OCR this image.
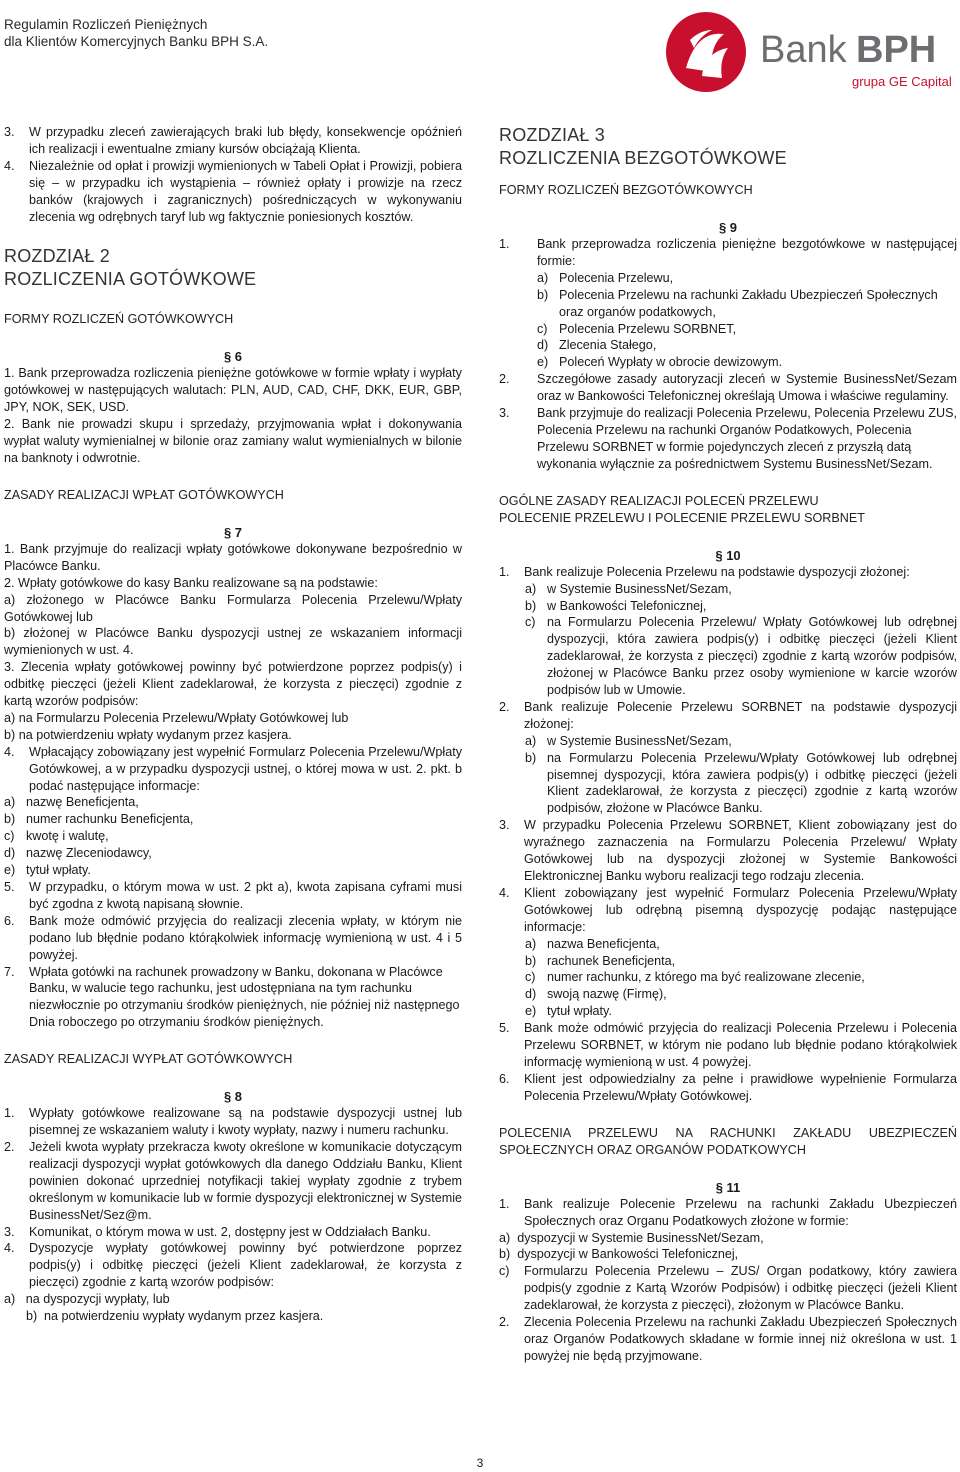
Regulamin Rozliczeń Pieniężnych
dla Klientów Komercyjnych Banku BPH S.A.	Bank BPH
grupa GE Capital
3. W przypadku zleceń zawierających braki lub błędy, konsekwencje opóźnień ich realizacji i ewentualne zmiany kursów obciążają Klienta.
4. Niezależnie od opłat i prowizji wymienionych w Tabeli Opłat i Prowizji, pobiera się – w przypadku ich wystąpienia – również opłaty i prowizje na rzecz banków (krajowych i zagranicznych) pośredniczących w wykonywaniu zlecenia wg odrębnych taryf lub wg faktycznie poniesionych kosztów.
ROZDZIAŁ 2
ROZLICZENIA GOTÓWKOWE
FORMY ROZLICZEŃ GOTÓWKOWYCH
§ 6
1. Bank przeprowadza rozliczenia pieniężne gotówkowe w formie wpłaty i wypłaty gotówkowej w następujących walutach: PLN, AUD, CAD, CHF, DKK, EUR, GBP, JPY, NOK, SEK, USD.
2. Bank nie prowadzi skupu i sprzedaży, przyjmowania wpłat i dokonywania wypłat waluty wymienialnej w bilonie oraz zamiany walut wymienialnych w bilonie na banknoty i odwrotnie.
ZASADY REALIZACJI WPŁAT GOTÓWKOWYCH
§ 7
1. Bank przyjmuje do realizacji wpłaty gotówkowe dokonywane bezpośrednio w Placówce Banku.
2. Wpłaty gotówkowe do kasy Banku realizowane są na podstawie:
a) złożonego w Placówce Banku Formularza Polecenia Przelewu/Wpłaty Gotówkowej lub
b) złożonej w Placówce Banku dyspozycji ustnej ze wskazaniem informacji wymienionych w ust. 4.
3. Zlecenia wpłaty gotówkowej powinny być potwierdzone poprzez podpis(y) i odbitkę pieczęci (jeżeli Klient zadeklarował, że korzysta z pieczęci) zgodnie z kartą wzorów podpisów:
a) na Formularzu Polecenia Przelewu/Wpłaty Gotówkowej lub
b) na potwierdzeniu wpłaty wydanym przez kasjera.
4. Wpłacający zobowiązany jest wypełnić Formularz Polecenia Przelewu/Wpłaty Gotówkowej, a w przypadku dyspozycji ustnej, o której mowa w ust. 2. pkt. b podać następujące informacje:
a) nazwę Beneficjenta,
b) numer rachunku Beneficjenta,
c) kwotę i walutę,
d) nazwę Zleceniodawcy,
e) tytuł wpłaty.
5. W przypadku, o którym mowa w ust. 2 pkt a), kwota zapisana cyframi musi być zgodna z kwotą napisaną słownie.
6. Bank może odmówić przyjęcia do realizacji zlecenia wpłaty, w którym nie podano lub błędnie podano którąkolwiek informację wymienioną w ust. 4 i 5 powyżej.
7. Wpłata gotówki na rachunek prowadzony w Banku, dokonana w Placówce Banku, w walucie tego rachunku, jest udostępniana na tym rachunku niezwłocznie po otrzymaniu środków pieniężnych, nie później niż następnego Dnia roboczego po otrzymaniu środków pieniężnych.
ZASADY REALIZACJI WYPŁAT GOTÓWKOWYCH
§ 8
1. Wypłaty gotówkowe realizowane są na podstawie dyspozycji ustnej lub pisemnej ze wskazaniem waluty i kwoty wypłaty, nazwy i numeru rachunku.
2. Jeżeli kwota wypłaty przekracza kwoty określone w komunikacie dotyczącym realizacji dyspozycji wypłat gotówkowych dla danego Oddziału Banku, Klient powinien dokonać uprzedniej notyfikacji takiej wypłaty zgodnie z trybem określonym w komunikacie lub w formie dyspozycji elektronicznej w Systemie BusinessNet/Sez@m.
3. Komunikat, o którym mowa w ust. 2, dostępny jest w Oddziałach Banku.
4. Dyspozycje wypłaty gotówkowej powinny być potwierdzone poprzez podpis(y) i odbitkę pieczęci (jeżeli Klient zadeklarował, że korzysta z pieczęci) zgodnie z kartą wzorów podpisów:
a)   na dyspozycji wypłaty, lub
b) na potwierdzeniu wypłaty wydanym przez kasjera.
ROZDZIAŁ 3
ROZLICZENIA BEZGOTÓWKOWE
FORMY ROZLICZEŃ BEZGOTÓWKOWYCH
§ 9
1. Bank przeprowadza rozliczenia pieniężne bezgotówkowe w następującej formie:
a) Polecenia Przelewu,
b) Polecenia Przelewu na rachunki Zakładu Ubezpieczeń Społecznych oraz organów podatkowych,
c) Polecenia Przelewu SORBNET,
d) Zlecenia Stałego,
e) Poleceń Wypłaty w obrocie dewizowym.
2. Szczegółowe zasady autoryzacji zleceń w Systemie BusinessNet/Sezam oraz w Bankowości Telefonicznej określają Umowa i właściwe regulaminy.
3. Bank przyjmuje do realizacji Polecenia Przelewu, Polecenia Przelewu ZUS, Polecenia Przelewu na rachunki Organów Podatkowych, Polecenia Przelewu SORBNET w formie pojedynczych zleceń z przyszłą datą wykonania wyłącznie za pośrednictwem Systemu BusinessNet/Sezam.
OGÓLNE ZASADY REALIZACJI POLECEŃ PRZELEWU
POLECENIE PRZELEWU I POLECENIE PRZELEWU SORBNET
§ 10
1. Bank realizuje Polecenia Przelewu na podstawie dyspozycji złożonej:
a) w Systemie BusinessNet/Sezam,
b) w Bankowości Telefonicznej,
c) na Formularzu Polecenia Przelewu/ Wpłaty Gotówkowej lub odrębnej dyspozycji, która zawiera podpis(y) i odbitkę pieczęci (jeżeli Klient zadeklarował, że korzysta z pieczęci) zgodnie z kartą wzorów podpisów, złożonej w Placówce Banku przez osoby wymienione w karcie wzorów podpisów lub w Umowie.
2. Bank realizuje Polecenie Przelewu SORBNET na podstawie dyspozycji złożonej:
a) w Systemie BusinessNet/Sezam,
b) na Formularzu Polecenia Przelewu/Wpłaty Gotówkowej lub odrębnej pisemnej dyspozycji, która zawiera podpis(y) i odbitkę pieczęci (jeżeli Klient zadeklarował, że korzysta z pieczęci) zgodnie z kartą wzorów podpisów, złożone w Placówce Banku.
3. W przypadku Polecenia Przelewu SORBNET, Klient zobowiązany jest do wyraźnego zaznaczenia na Formularzu Polecenia Przelewu/ Wpłaty Gotówkowej lub na dyspozycji złożonej w Systemie Bankowości Elektronicznej Banku wyboru realizacji tego rodzaju zlecenia.
4. Klient zobowiązany jest wypełnić Formularz Polecenia Przelewu/Wpłaty Gotówkowej lub odrębną pisemną dyspozycję podając następujące informacje:
a) nazwa Beneficjenta,
b) rachunek Beneficjenta,
c) numer rachunku, z którego ma być realizowane zlecenie,
d) swoją nazwę (Firmę),
e) tytuł wpłaty.
5. Bank może odmówić przyjęcia do realizacji Polecenia Przelewu i Polecenia Przelewu SORBNET, w którym nie podano lub błędnie podano którąkolwiek informację wymienioną w ust. 4 powyżej.
6. Klient jest odpowiedzialny za pełne i prawidłowe wypełnienie Formularza Polecenia Przelewu/Wpłaty Gotówkowej.
POLECENIA PRZELEWU NA RACHUNKI ZAKŁADU UBEZPIECZEŃ
SPOŁECZNYCH ORAZ ORGANÓW PODATKOWYCH
§ 11
1. Bank realizuje Polecenie Przelewu na rachunki Zakładu Ubezpieczeń Społecznych oraz Organu Podatkowych złożone w formie:
a)  dyspozycji w Systemie BusinessNet/Sezam,
b)  dyspozycji w Bankowości Telefonicznej,
c) Formularzu Polecenia Przelewu – ZUS/ Organ podatkowy, który zawiera podpis(y zgodnie z Kartą Wzorów Podpisów) i odbitkę pieczęci (jeżeli Klient zadeklarował, że korzysta z pieczęci), złożonym w Placówce Banku.
2. Zlecenia Polecenia Przelewu na rachunki Zakładu Ubezpieczeń Społecznych oraz Organów Podatkowych składane w formie innej niż określona w ust. 1 powyżej nie będą przyjmowane.
3
